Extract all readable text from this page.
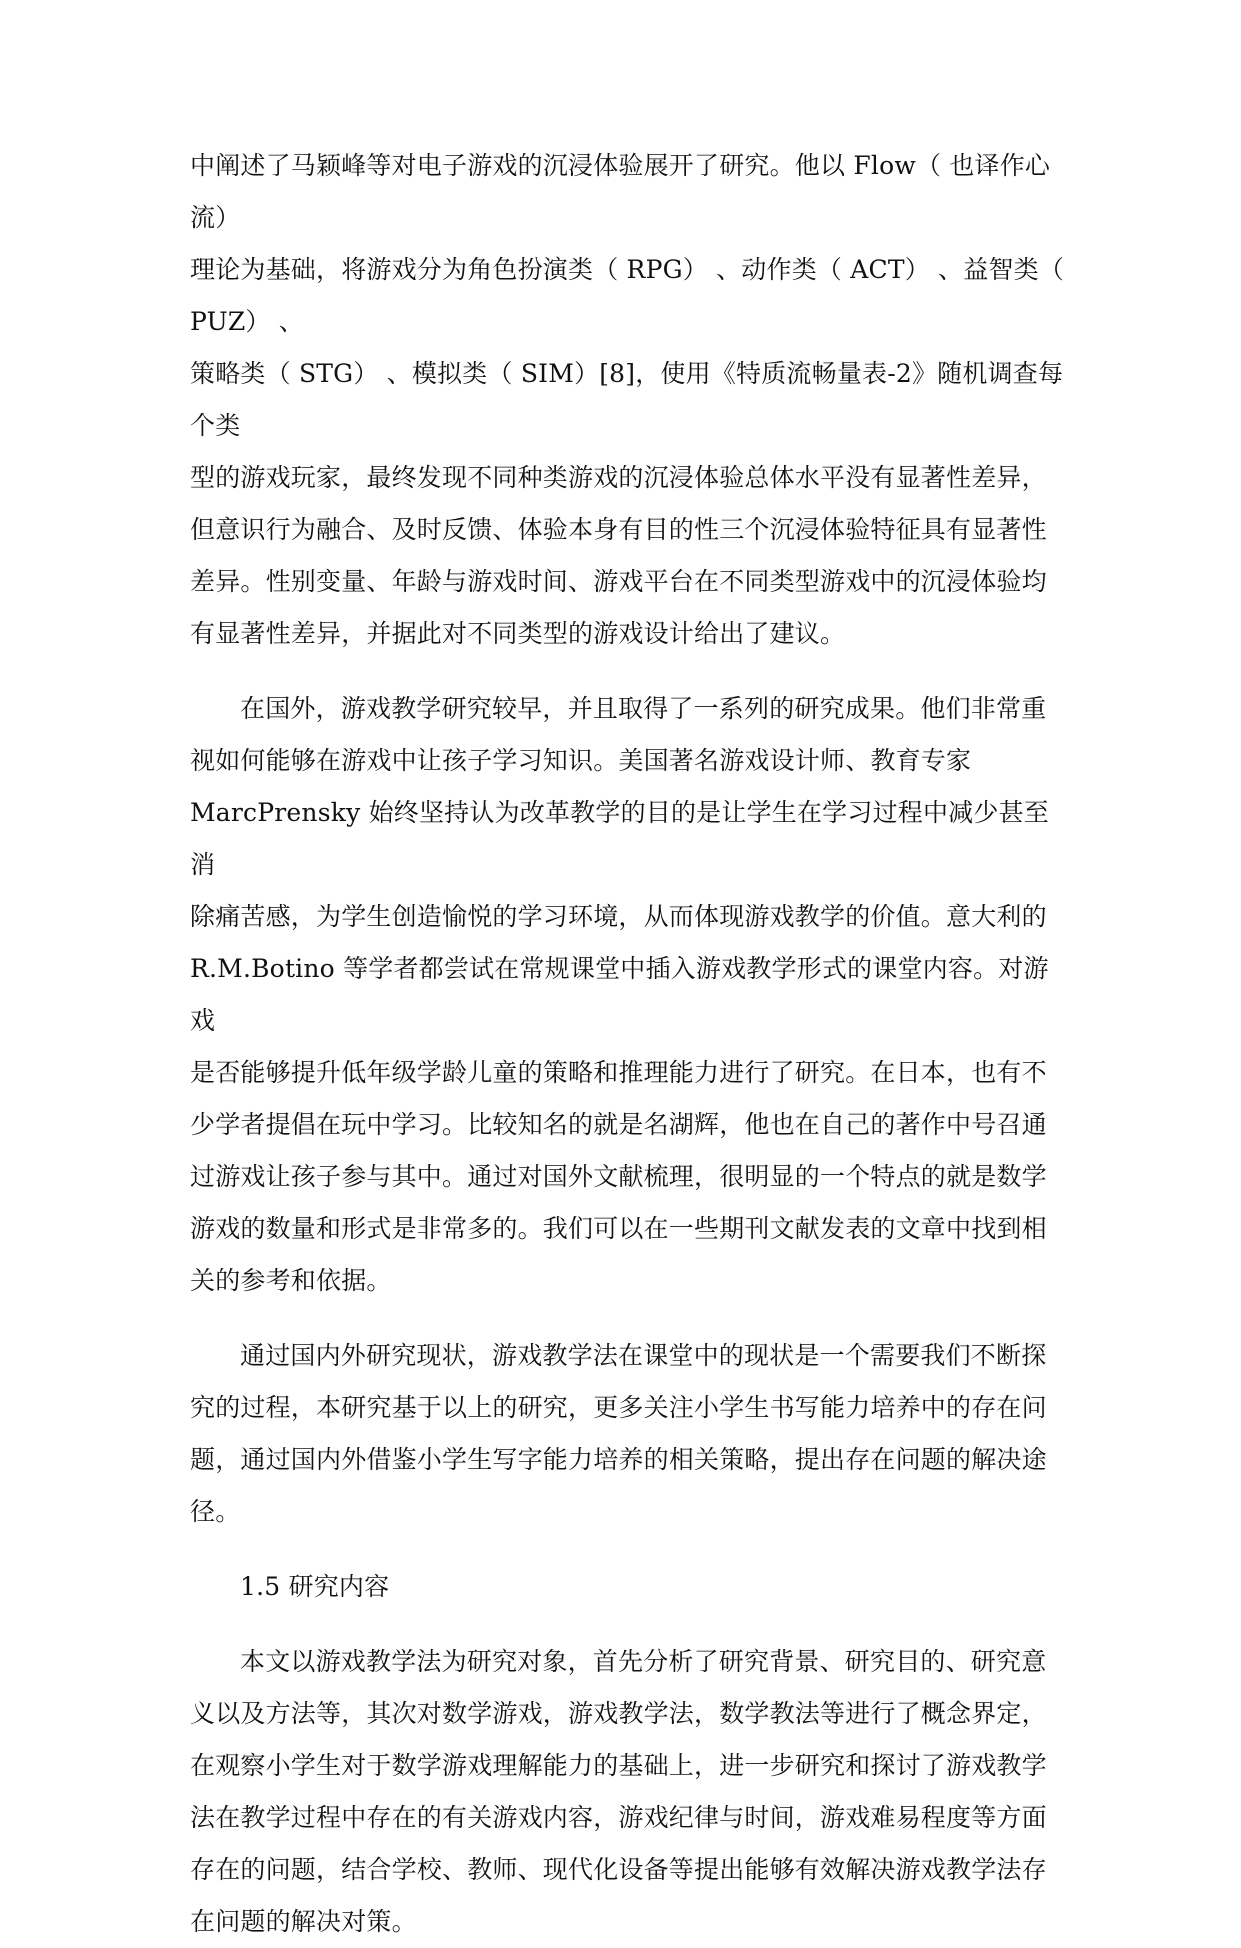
中阐述了马颖峰等对电子游戏的沉浸体验展开了研究。他以 Flow（ 也译作心流）
理论为基础，将游戏分为角色扮演类（ RPG） 、动作类（ ACT） 、益智类（ PUZ） 、
策略类（ STG） 、模拟类（ SIM）[8]，使用《特质流畅量表-2》随机调查每个类
型的游戏玩家，最终发现不同种类游戏的沉浸体验总体水平没有显著性差异，
但意识行为融合、及时反馈、体验本身有目的性三个沉浸体验特征具有显著性
差异。性别变量、年龄与游戏时间、游戏平台在不同类型游戏中的沉浸体验均
有显著性差异，并据此对不同类型的游戏设计给出了建议。
在国外，游戏教学研究较早，并且取得了一系列的研究成果。他们非常重
视如何能够在游戏中让孩子学习知识。美国著名游戏设计师、教育专家
MarcPrensky 始终坚持认为改革教学的目的是让学生在学习过程中减少甚至消
除痛苦感，为学生创造愉悦的学习环境，从而体现游戏教学的价值。意大利的
R.M.Botino 等学者都尝试在常规课堂中插入游戏教学形式的课堂内容。对游戏
是否能够提升低年级学龄儿童的策略和推理能力进行了研究。在日本，也有不
少学者提倡在玩中学习。比较知名的就是名湖辉，他也在自己的著作中号召通
过游戏让孩子参与其中。通过对国外文献梳理，很明显的一个特点的就是数学
游戏的数量和形式是非常多的。我们可以在一些期刊文献发表的文章中找到相
关的参考和依据。
通过国内外研究现状，游戏教学法在课堂中的现状是一个需要我们不断探
究的过程，本研究基于以上的研究，更多关注小学生书写能力培养中的存在问
题，通过国内外借鉴小学生写字能力培养的相关策略，提出存在问题的解决途
径。
1.5 研究内容
本文以游戏教学法为研究对象，首先分析了研究背景、研究目的、研究意
义以及方法等，其次对数学游戏，游戏教学法，数学教法等进行了概念界定，
在观察小学生对于数学游戏理解能力的基础上，进一步研究和探讨了游戏教学
法在教学过程中存在的有关游戏内容，游戏纪律与时间，游戏难易程度等方面
存在的问题，结合学校、教师、现代化设备等提出能够有效解决游戏教学法存
在问题的解决对策。
